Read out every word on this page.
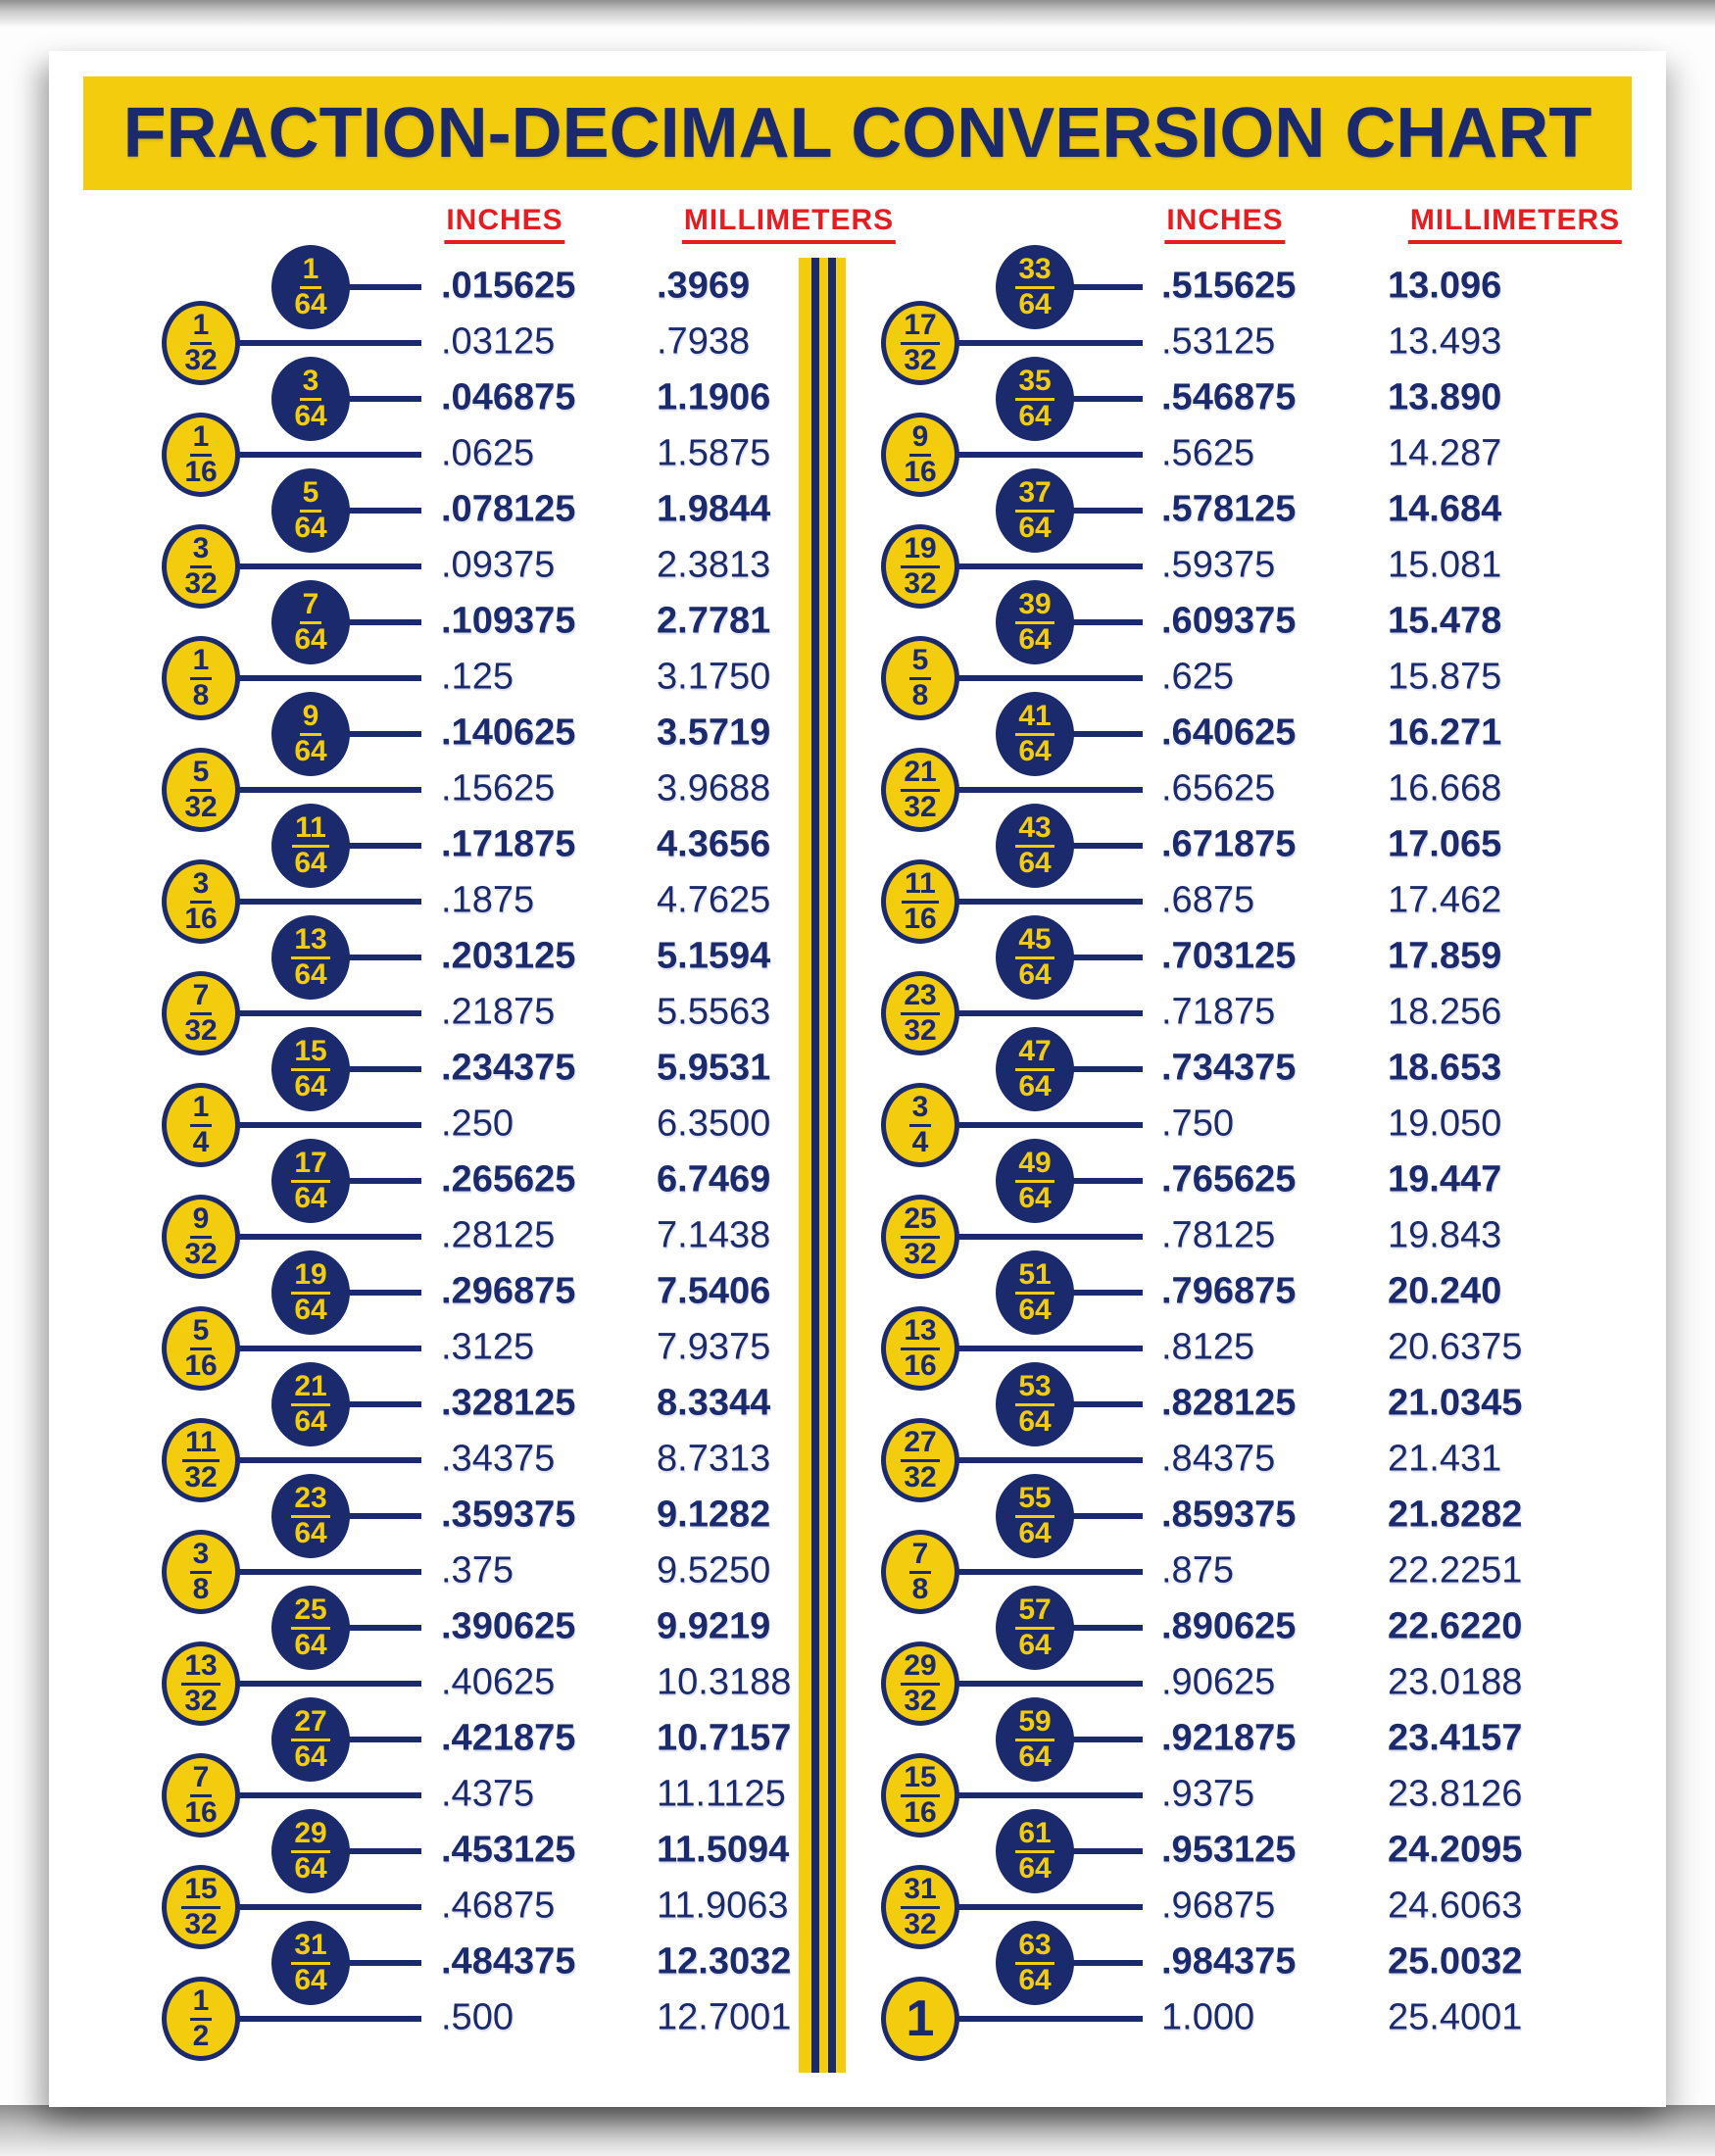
FRACTION-DECIMAL CONVERSION CHART
INCHES	MILLIMETERS	INCHES	MILLIMETERS
$\frac{1}{64}$	.015625 .3969
$\frac{1}{32}$	.03125	.7938
$\frac{3}{64}$	.046875 1.1906
$\frac{1}{16}$	.0625	1.5875
$\frac{5}{64}$	.078125 1.9844
$\frac{3}{32}$	.09375	2.3813
$\frac{7}{64}$	.109375 2.7781
$\frac{1}{8}$	.125	3.1750
$\frac{9}{64}$	.140625 3.5719
$\frac{5}{32}$	.15625	3.9688
$\frac{11}{64}$	.171875 4.3656
$\frac{3}{16}$	.1875	4.7625
$\frac{13}{64}$	.203125 5.1594
$\frac{7}{32}$	.21875	5.5563
$\frac{15}{64}$	.234375 5.9531
$\frac{1}{4}$	.250	6.3500
$\frac{17}{64}$	.265625 6.7469
$\frac{9}{32}$	.28125	7.1438
$\frac{19}{64}$	.296875 7.5406
$\frac{5}{16}$	.3125	7.9375
$\frac{21}{64}$	.328125 8.3344
$\frac{11}{32}$	.34375	8.7313
$\frac{23}{64}$	.359375 9.1282
$\frac{3}{8}$	.375	9.5250
$\frac{25}{64}$	.390625 9.9219
$\frac{13}{32}$	.40625	10.3188
$\frac{27}{64}$	.421875 10.7157
$\frac{7}{16}$	.4375	11.1125
$\frac{29}{64}$	.453125 11.5094
$\frac{15}{32}$	.46875	11.9063
$\frac{31}{64}$	.484375 12.3032
$\frac{1}{2}$	.500	12.7001
$\frac{33}{64}$	.515625 13.096
$\frac{17}{32}$	.53125	13.493
$\frac{35}{64}$	.546875 13.890
$\frac{9}{16}$	.5625	14.287
$\frac{37}{64}$	.578125 14.684
$\frac{19}{32}$	.59375	15.081
$\frac{39}{64}$	.609375 15.478
$\frac{5}{8}$	.625	15.875
$\frac{41}{64}$	.640625 16.271
$\frac{21}{32}$	.65625	16.668
$\frac{43}{64}$	.671875 17.065
$\frac{11}{16}$	.6875	17.462
$\frac{45}{64}$	.703125 17.859
$\frac{23}{32}$	.71875	18.256
$\frac{47}{64}$	.734375 18.653
$\frac{3}{4}$	.750	19.050
$\frac{49}{64}$	.765625 19.447
$\frac{25}{32}$	.78125	19.843
$\frac{51}{64}$	.796875 20.240
$\frac{13}{16}$	.8125	20.6375
$\frac{53}{64}$	.828125 21.0345
$\frac{27}{32}$	.84375	21.431
$\frac{55}{64}$	.859375 21.8282
$\frac{7}{8}$	.875	22.2251
$\frac{57}{64}$	.890625 22.6220
$\frac{29}{32}$	.90625	23.0188
$\frac{59}{64}$	.921875 23.4157
$\frac{15}{16}$	.9375	23.8126
$\frac{61}{64}$	.953125 24.2095
$\frac{31}{32}$	.96875	24.6063
$\frac{63}{64}$	.984375 25.0032
1	1.000	25.4001
